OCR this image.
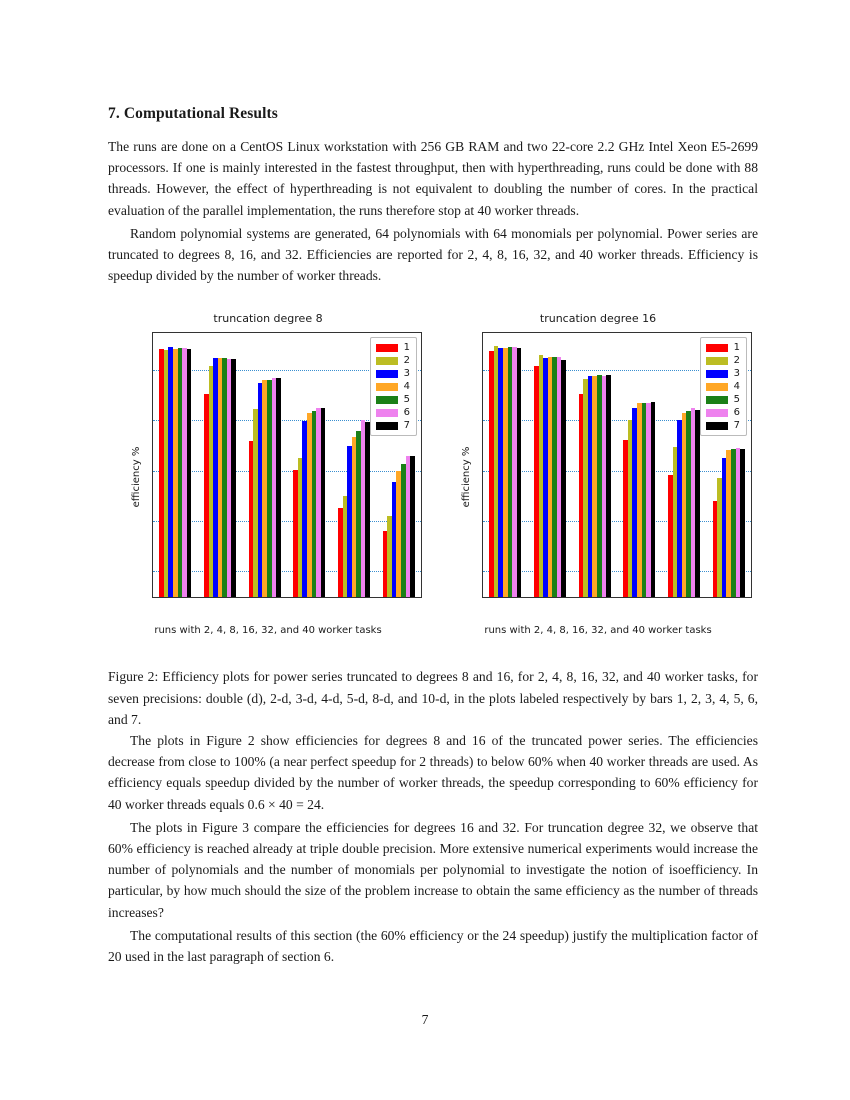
7. Computational Results

The runs are done on a CentOS Linux workstation with 256 GB RAM and two 22-core 2.2 GHz Intel Xeon E5-2699 processors. If one is mainly interested in the fastest throughput, then with hyperthreading, runs could be done with 88 threads. However, the effect of hyperthreading is not equivalent to doubling the number of cores. In the practical evaluation of the parallel implementation, the runs therefore stop at 40 worker threads.

Random polynomial systems are generated, 64 polynomials with 64 monomials per polynomial. Power series are truncated to degrees 8, 16, and 32. Efficiencies are reported for 2, 4, 8, 16, 32, and 40 worker threads. Efficiency is speedup divided by the number of worker threads.

truncation degree 8
efficiency %
1
2
3
4
5
6
7
runs with 2, 4, 8, 16, 32, and 40 worker tasks
truncation degree 16
efficiency %
1
2
3
4
5
6
7
runs with 2, 4, 8, 16, 32, and 40 worker tasks
Figure 2: Efficiency plots for power series truncated to degrees 8 and 16, for 2, 4, 8, 16, 32, and 40 worker tasks, for seven precisions: double (d), 2-d, 3-d, 4-d, 5-d, 8-d, and 10-d, in the plots labeled respectively by bars 1, 2, 3, 4, 5, 6, and 7.

The plots in Figure 2 show efficiencies for degrees 8 and 16 of the truncated power series. The efficiencies decrease from close to 100% (a near perfect speedup for 2 threads) to below 60% when 40 worker threads are used. As efficiency equals speedup divided by the number of worker threads, the speedup corresponding to 60% efficiency for 40 worker threads equals 0.6 × 40 = 24.

The plots in Figure 3 compare the efficiencies for degrees 16 and 32. For truncation degree 32, we observe that 60% efficiency is reached already at triple double precision. More extensive numerical experiments would increase the number of polynomials and the number of monomials per polynomial to investigate the notion of isoefficiency. In particular, by how much should the size of the problem increase to obtain the same efficiency as the number of threads increases?

The computational results of this section (the 60% efficiency or the 24 speedup) justify the multiplication factor of 20 used in the last paragraph of section 6.

7
